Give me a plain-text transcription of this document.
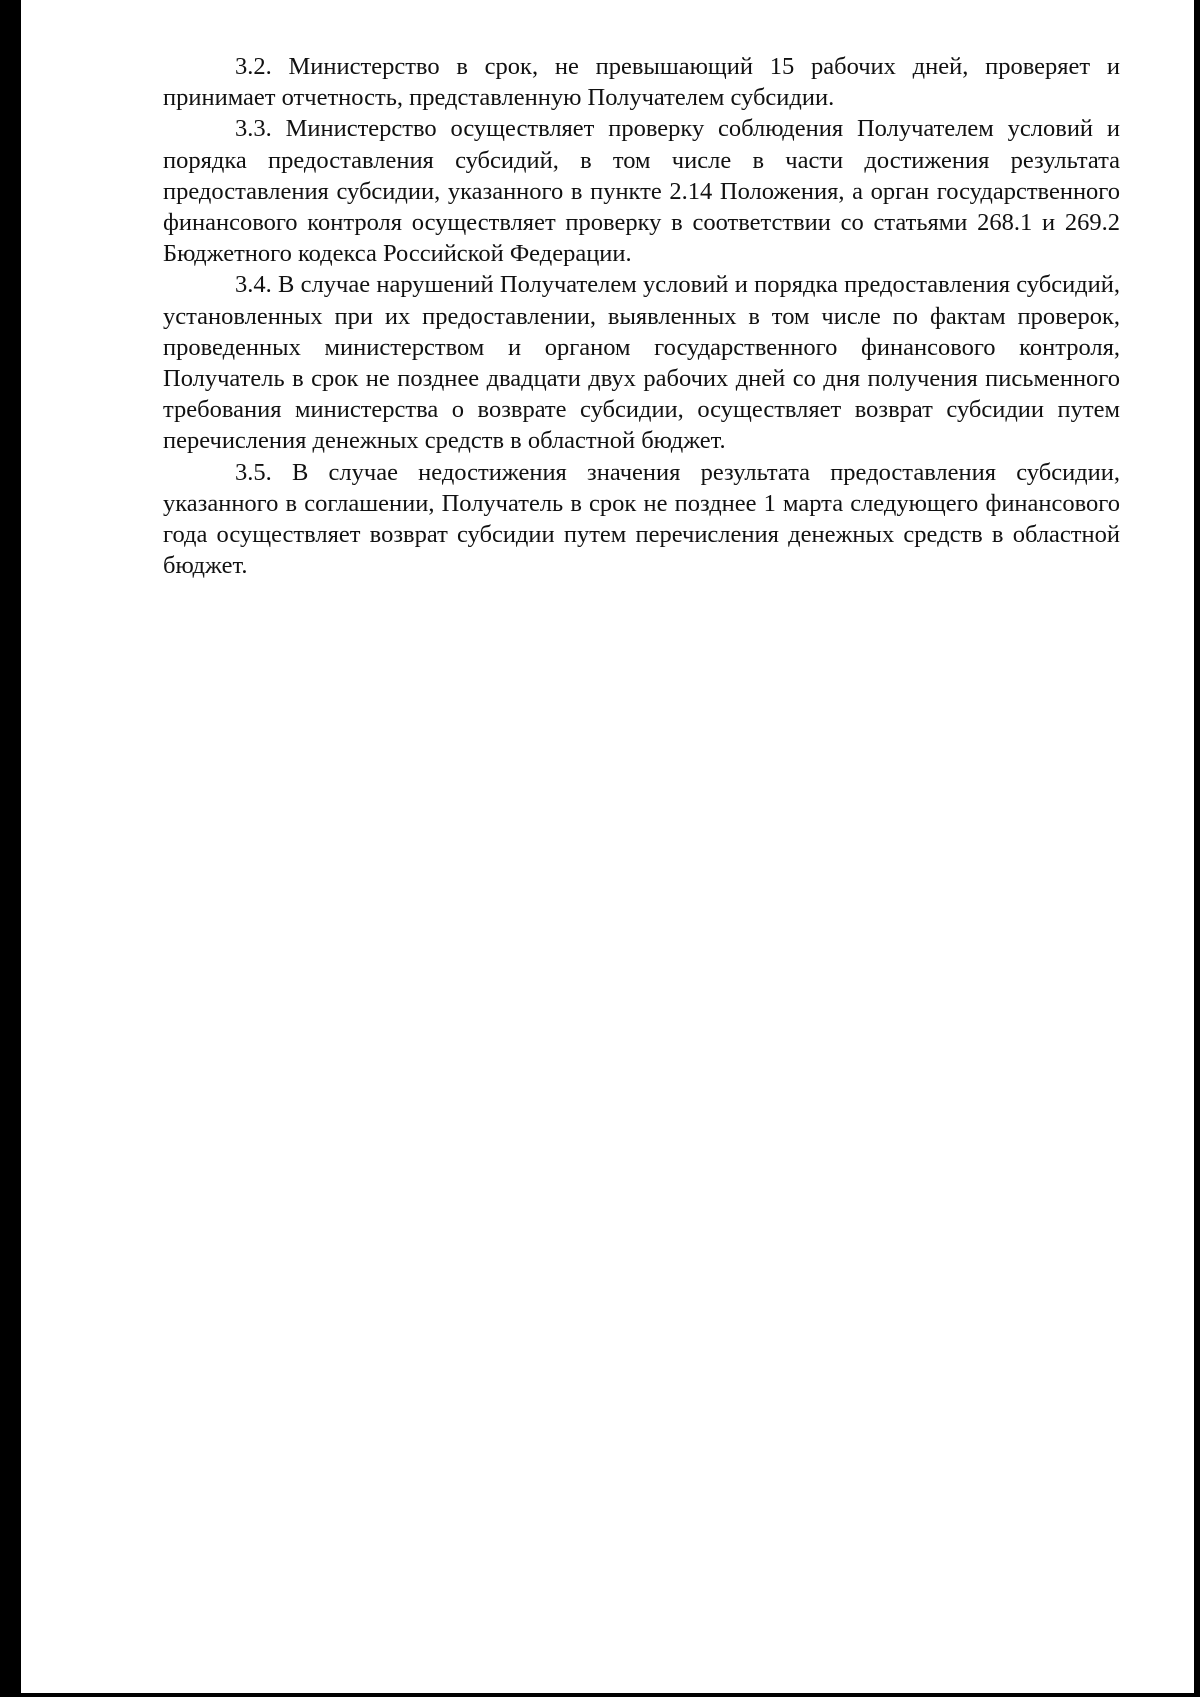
3.2. Министерство в срок, не превышающий 15 рабочих дней, проверяет и принимает отчетность, представленную Получателем субсидии.

3.3. Министерство осуществляет проверку соблюдения Получателем условий и порядка предоставления субсидий, в том числе в части достижения результата предоставления субсидии, указанного в пункте 2.14 Положения, а орган государственного финансового контроля осуществляет проверку в соответствии со статьями 268.1 и 269.2 Бюджетного кодекса Российской Федерации.

3.4. В случае нарушений Получателем условий и порядка предоставления субсидий, установленных при их предоставлении, выявленных в том числе по фактам проверок, проведенных министерством и органом государственного финансового контроля, Получатель в срок не позднее двадцати двух рабочих дней со дня получения письменного требования министерства о возврате субсидии, осуществляет возврат субсидии путем перечисления денежных средств в областной бюджет.

3.5. В случае недостижения значения результата предоставления субсидии, указанного в соглашении, Получатель в срок не позднее 1 марта следующего финансового года осуществляет возврат субсидии путем перечисления денежных средств в областной бюджет.
